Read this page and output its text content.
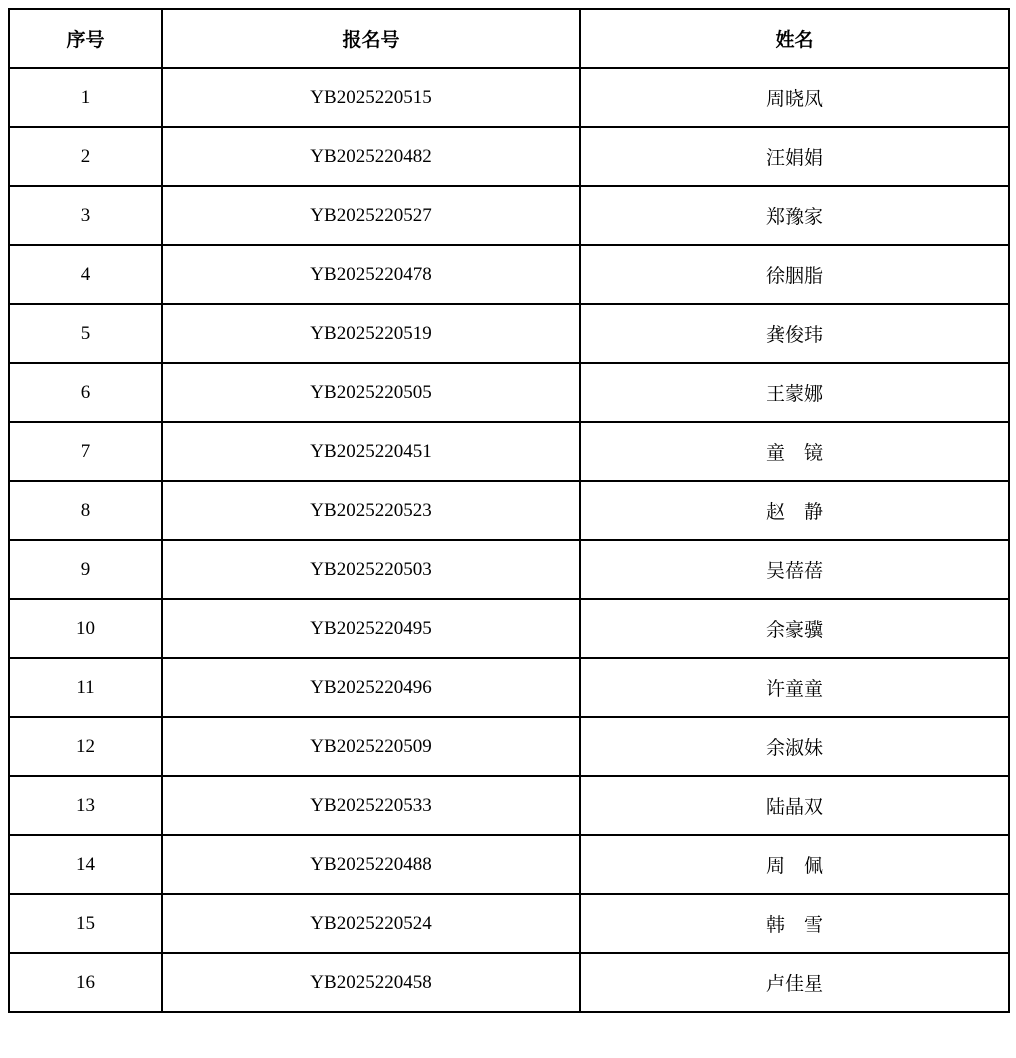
序号	报名号	姓名
1	YB2025220515	周晓凤
2	YB2025220482	汪娟娟
3	YB2025220527	郑豫家
4	YB2025220478	徐胭脂
5	YB2025220519	龚俊玮
6	YB2025220505	王蒙娜
7	YB2025220451	童　镜
8	YB2025220523	赵　静
9	YB2025220503	吴蓓蓓
10	YB2025220495	余豪骥
11	YB2025220496	许童童
12	YB2025220509	余淑妹
13	YB2025220533	陆晶双
14	YB2025220488	周　佩
15	YB2025220524	韩　雪
16	YB2025220458	卢佳星
